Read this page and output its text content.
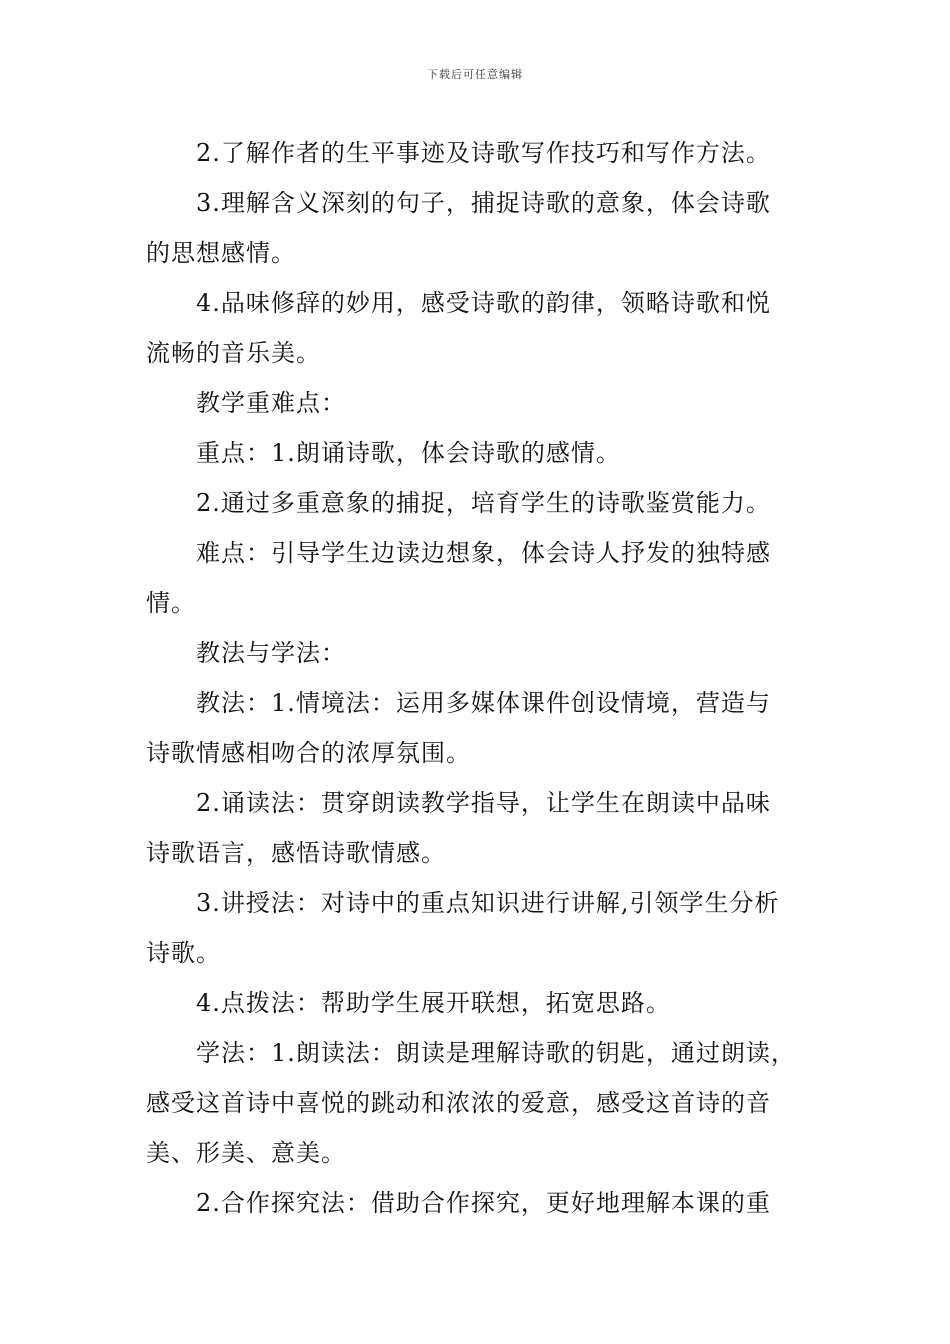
下载后可任意编辑

2.了解作者的生平事迹及诗歌写作技巧和写作方法。

3.理解含义深刻的句子，捕捉诗歌的意象，体会诗歌

的思想感情。

4.品味修辞的妙用，感受诗歌的韵律，领略诗歌和悦

流畅的音乐美。

教学重难点：

重点：1.朗诵诗歌，体会诗歌的感情。

2.通过多重意象的捕捉，培育学生的诗歌鉴赏能力。

难点：引导学生边读边想象，体会诗人抒发的独特感

情。

教法与学法：

教法：1.情境法：运用多媒体课件创设情境，营造与

诗歌情感相吻合的浓厚氛围。

2.诵读法：贯穿朗读教学指导，让学生在朗读中品味

诗歌语言，感悟诗歌情感。

3.讲授法：对诗中的重点知识进行讲解,引领学生分析

诗歌。

4.点拨法：帮助学生展开联想，拓宽思路。

学法：1.朗读法：朗读是理解诗歌的钥匙，通过朗读，

感受这首诗中喜悦的跳动和浓浓的爱意，感受这首诗的音

美、形美、意美。

2.合作探究法：借助合作探究，更好地理解本课的重
